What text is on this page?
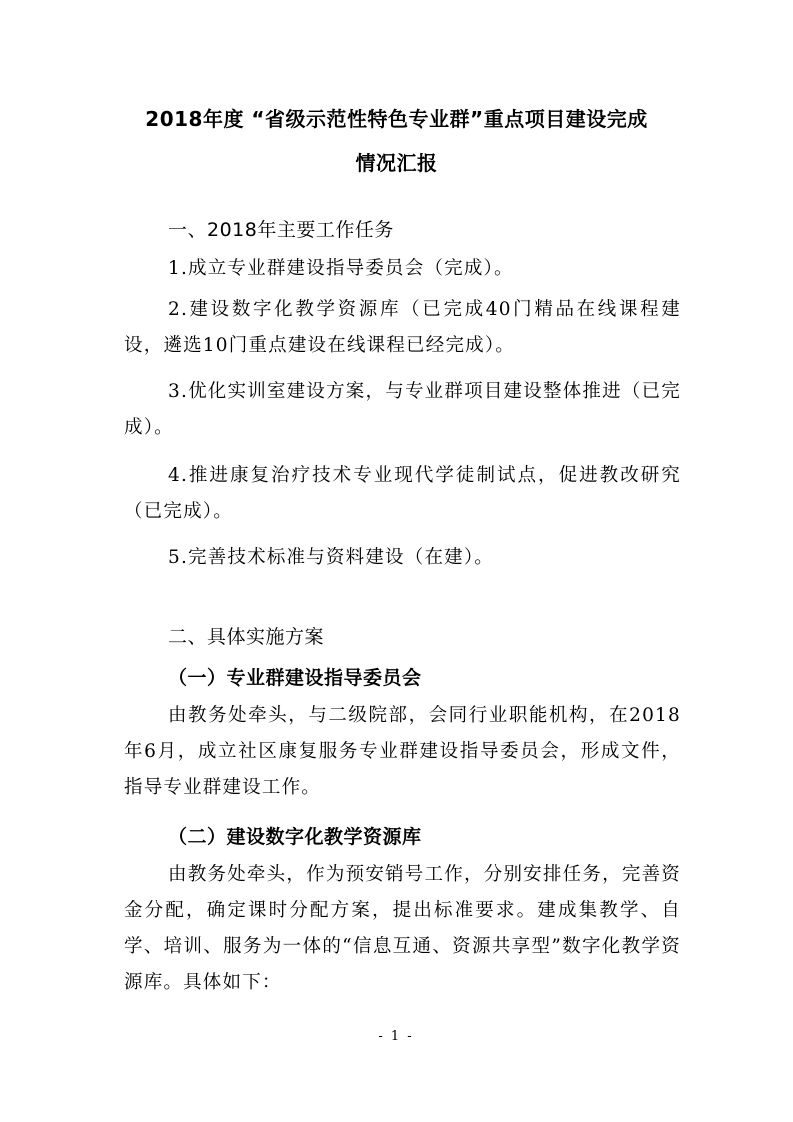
2018年度 “省级示范性特色专业群”重点项目建设完成
情况汇报
一、2018年主要工作任务

1.成立专业群建设指导委员会（完成）。

2.建设数字化教学资源库（已完成40门精品在线课程建设，遴选10门重点建设在线课程已经完成）。

3.优化实训室建设方案，与专业群项目建设整体推进（已完成）。

4.推进康复治疗技术专业现代学徒制试点，促进教改研究（已完成）。

5.完善技术标准与资料建设（在建）。

二、具体实施方案
（一）专业群建设指导委员会

由教务处牵头，与二级院部，会同行业职能机构，在2018年6月，成立社区康复服务专业群建设指导委员会，形成文件，指导专业群建设工作。

（二）建设数字化教学资源库

由教务处牵头，作为预安销号工作，分别安排任务，完善资金分配，确定课时分配方案，提出标准要求。建成集教学、自学、培训、服务为一体的“信息互通、资源共享型”数字化教学资源库。具体如下：

- 1 -
